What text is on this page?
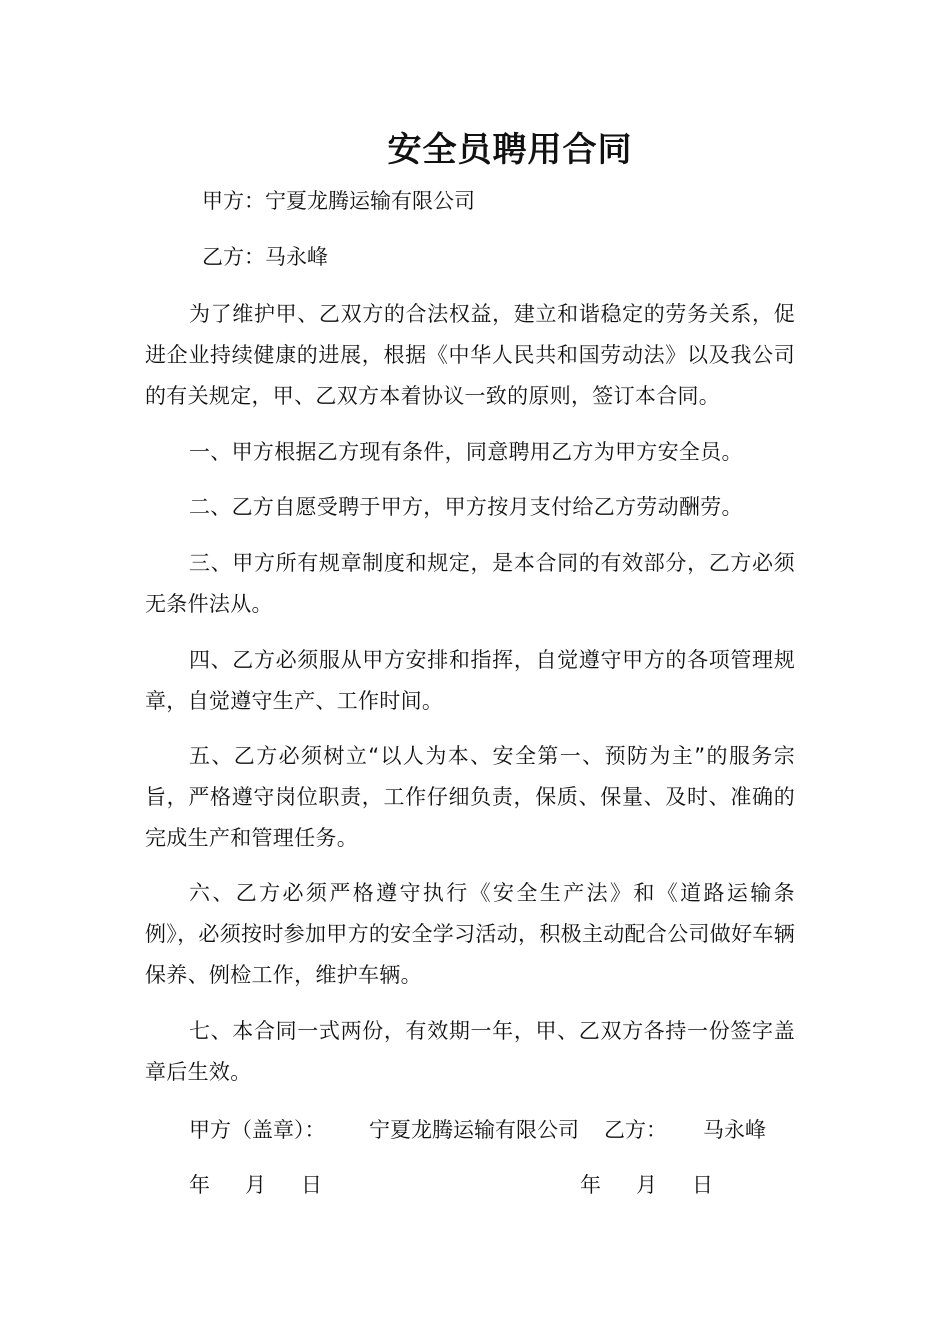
安全员聘用合同
甲方：宁夏龙腾运输有限公司
乙方：马永峰
为了维护甲、乙双方的合法权益，建立和谐稳定的劳务关系，促进企业持续健康的进展，根据《中华人民共和国劳动法》以及我公司的有关规定，甲、乙双方本着协议一致的原则，签订本合同。
一、甲方根据乙方现有条件，同意聘用乙方为甲方安全员。
二、乙方自愿受聘于甲方，甲方按月支付给乙方劳动酬劳。
三、甲方所有规章制度和规定，是本合同的有效部分，乙方必须无条件法从。
四、乙方必须服从甲方安排和指挥，自觉遵守甲方的各项管理规章，自觉遵守生产、工作时间。
五、乙方必须树立“以人为本、安全第一、预防为主”的服务宗旨，严格遵守岗位职责，工作仔细负责，保质、保量、及时、准确的完成生产和管理任务。
六、乙方必须严格遵守执行《安全生产法》和《道路运输条例》，必须按时参加甲方的安全学习活动，积极主动配合公司做好车辆保养、例检工作，维护车辆。
七、本合同一式两份，有效期一年，甲、乙双方各持一份签字盖章后生效。
甲方（盖章）： 宁夏龙腾运输有限公司 乙方： 马永峰
年 月 日	年 月 日
